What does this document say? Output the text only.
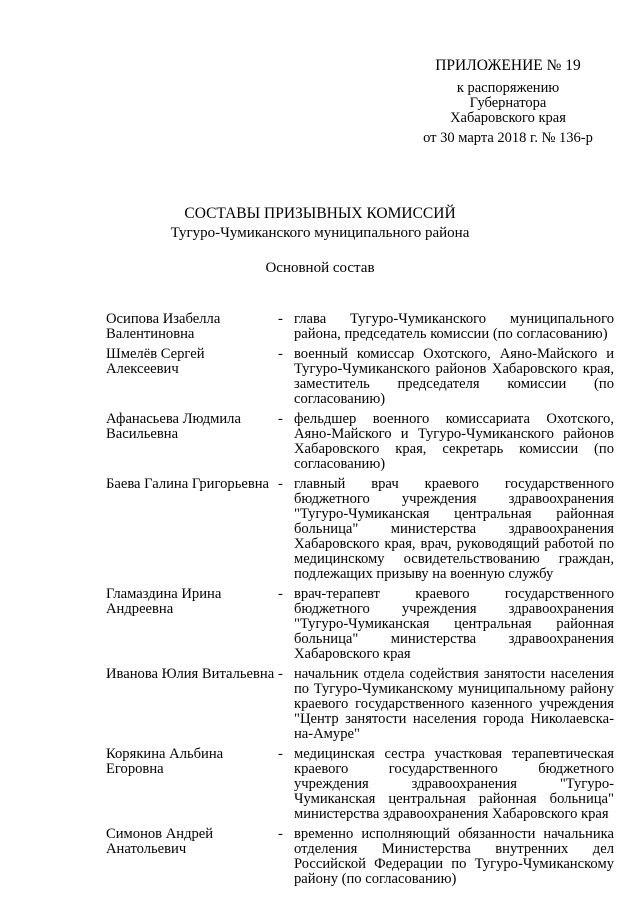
ПРИЛОЖЕНИЕ № 19
к распоряжению
Губернатора
Хабаровского края
от 30 марта 2018 г. № 136-р
СОСТАВЫ ПРИЗЫВНЫХ КОМИССИЙ
Тугуро-Чумиканского муниципального района
Основной состав
Осипова Изабелла Валентиновна
- глава Тугуро-Чумиканского муниципального района, председатель комиссии (по согласованию)
Шмелёв Сергей Алексеевич
- военный комиссар Охотского, Аяно-Майского и Тугуро-Чумиканского районов Хабаровского края, заместитель председателя комиссии (по согласованию)
Афанасьева Людмила Васильевна
- фельдшер военного комиссариата Охотского, Аяно-Майского и Тугуро-Чумиканского районов Хабаровского края, секретарь комиссии (по согласованию)
Баева Галина Григорьевна - главный врач краевого государственного бюджетного учреждения здравоохранения "Тугуро-Чумиканская центральная районная больница" министерства здравоохранения Хабаровского края, врач, руководящий работой по медицинскому освидетельствованию граждан, подлежащих призыву на военную службу
Гламаздина Ирина Андреевна
- врач-терапевт краевого государственного бюджетного учреждения здравоохранения "Тугуро-Чумиканская центральная районная больница" министерства здравоохранения Хабаровского края
Иванова Юлия Витальевна - начальник отдела содействия занятости населения по Тугуро-Чумиканскому муниципальному району краевого государственного казенного учреждения "Центр занятости населения города Николаевска-на-Амуре"
Корякина Альбина Егоровна
- медицинская сестра участковая терапевтическая краевого государственного бюджетного учреждения здравоохранения "Тугуро-Чумиканская центральная районная больница" министерства здравоохранения Хабаровского края
Симонов Андрей Анатольевич
- временно исполняющий обязанности начальника отделения Министерства внутренних дел Российской Федерации по Тугуро-Чумиканскому району (по согласованию)
